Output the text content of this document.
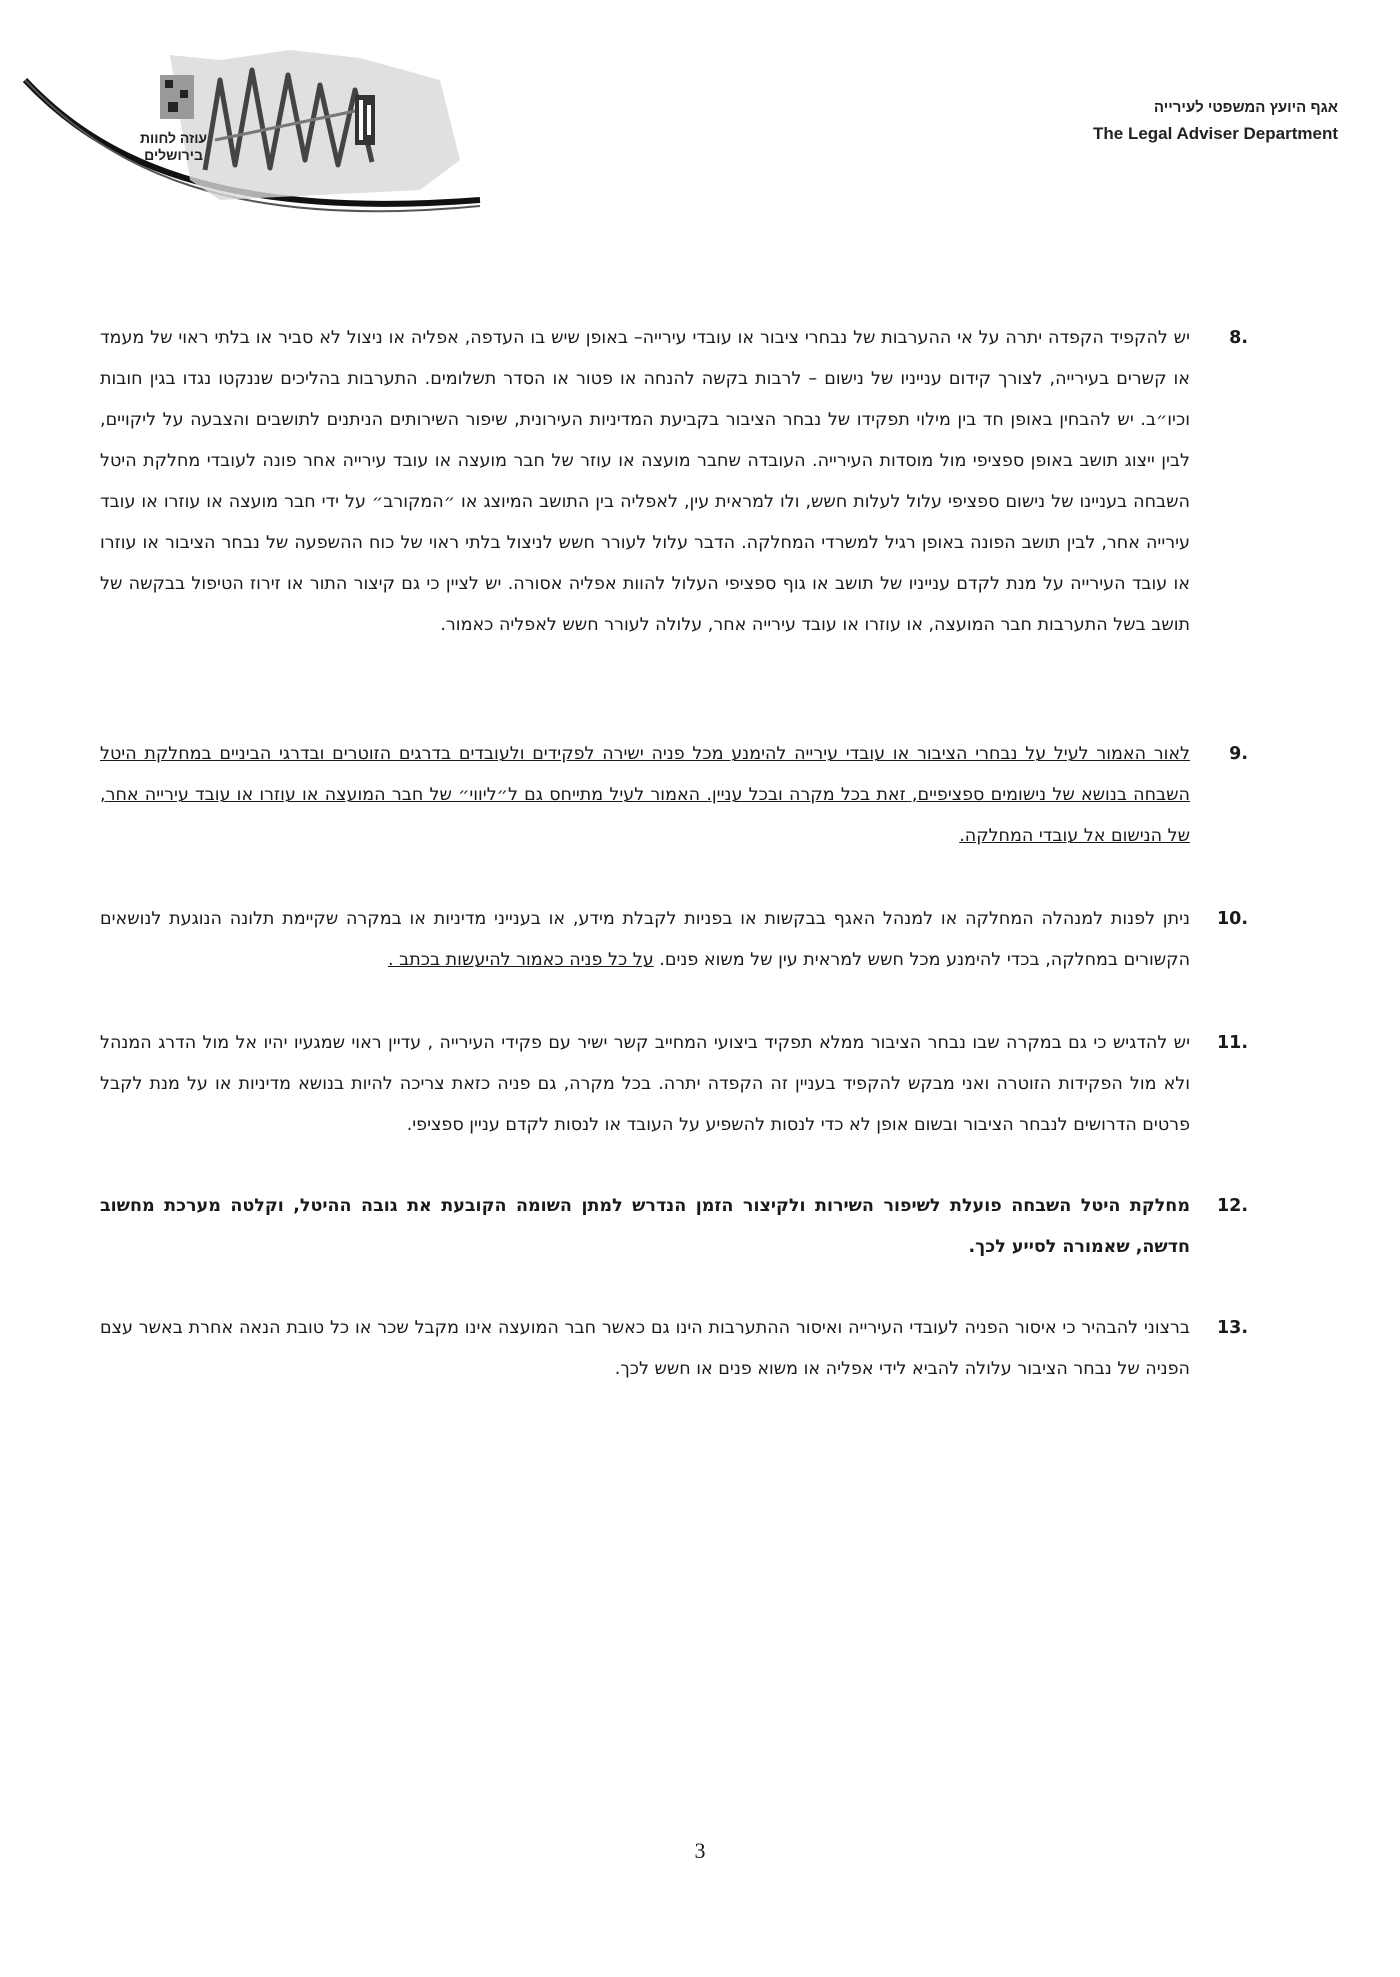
עוזה לחוות
בירושלים
אגף היועץ המשפטי לעירייה
The Legal Adviser Department

8.
יש להקפיד הקפדה יתרה על אי ההערבות של נבחרי ציבור או עובדי עירייה– באופן שיש בו העדפה, אפליה או ניצול לא סביר או בלתי ראוי של מעמד או קשרים בעירייה, לצורך קידום ענייניו של נישום – לרבות בקשה להנחה או פטור או הסדר תשלומים. התערבות בהליכים שננקטו נגדו בגין חובות וכיו״ב. יש להבחין באופן חד בין מילוי תפקידו של נבחר הציבור בקביעת המדיניות העירונית, שיפור השירותים הניתנים לתושבים והצבעה על ליקויים, לבין ייצוג תושב באופן ספציפי מול מוסדות העירייה. העובדה שחבר מועצה או עוזר של חבר מועצה או עובד עירייה אחר פונה לעובדי מחלקת היטל השבחה בעניינו של נישום ספציפי עלול לעלות חשש, ולו למראית עין, לאפליה בין התושב המיוצג או ״המקורב״ על ידי חבר מועצה או עוזרו או עובד עירייה אחר, לבין תושב הפונה באופן רגיל למשרדי המחלקה. הדבר עלול לעורר חשש לניצול בלתי ראוי של כוח ההשפעה של נבחר הציבור או עוזרו או עובד העירייה על מנת לקדם ענייניו של תושב או גוף ספציפי העלול להוות אפליה אסורה. יש לציין כי גם קיצור התור או זירוז הטיפול בבקשה של תושב בשל התערבות חבר המועצה, או עוזרו או עובד עירייה אחר, עלולה לעורר חשש לאפליה כאמור.

9.
לאור האמור לעיל על נבחרי הציבור או עובדי עירייה להימנע מכל פניה ישירה לפקידים ולעובדים בדרגים הזוטרים ובדרגי הביניים במחלקת היטל השבחה בנושא של נישומים ספציפיים, זאת בכל מקרה ובכל עניין. האמור לעיל מתייחס גם ל״ליווי״ של חבר המועצה או עוזרו או עובד עירייה אחר, של הנישום אל עובדי המחלקה.

10.
ניתן לפנות למנהלה המחלקה או למנהל האגף בבקשות או בפניות לקבלת מידע, או בענייני מדיניות או במקרה שקיימת תלונה הנוגעת לנושאים הקשורים במחלקה, בכדי להימנע מכל חשש למראית עין של משוא פנים. על כל פניה כאמור להיעשות בכתב .

11.
יש להדגיש כי גם במקרה שבו נבחר הציבור ממלא תפקיד ביצועי המחייב קשר ישיר עם פקידי העירייה , עדיין ראוי שמגעיו יהיו אל מול הדרג המנהל ולא מול הפקידות הזוטרה ואני מבקש להקפיד בעניין זה הקפדה יתרה. בכל מקרה, גם פניה כזאת צריכה להיות בנושא מדיניות או על מנת לקבל פרטים הדרושים לנבחר הציבור ובשום אופן לא כדי לנסות להשפיע על העובד או לנסות לקדם עניין ספציפי.

12.
מחלקת היטל השבחה פועלת לשיפור השירות ולקיצור הזמן הנדרש למתן השומה הקובעת את גובה ההיטל, וקלטה מערכת מחשוב חדשה, שאמורה לסייע לכך.

13.
ברצוני להבהיר כי איסור הפניה לעובדי העירייה ואיסור ההתערבות הינו גם כאשר חבר המועצה אינו מקבל שכר או כל טובת הנאה אחרת באשר עצם הפניה של נבחר הציבור עלולה להביא לידי אפליה או משוא פנים או חשש לכך.

3
